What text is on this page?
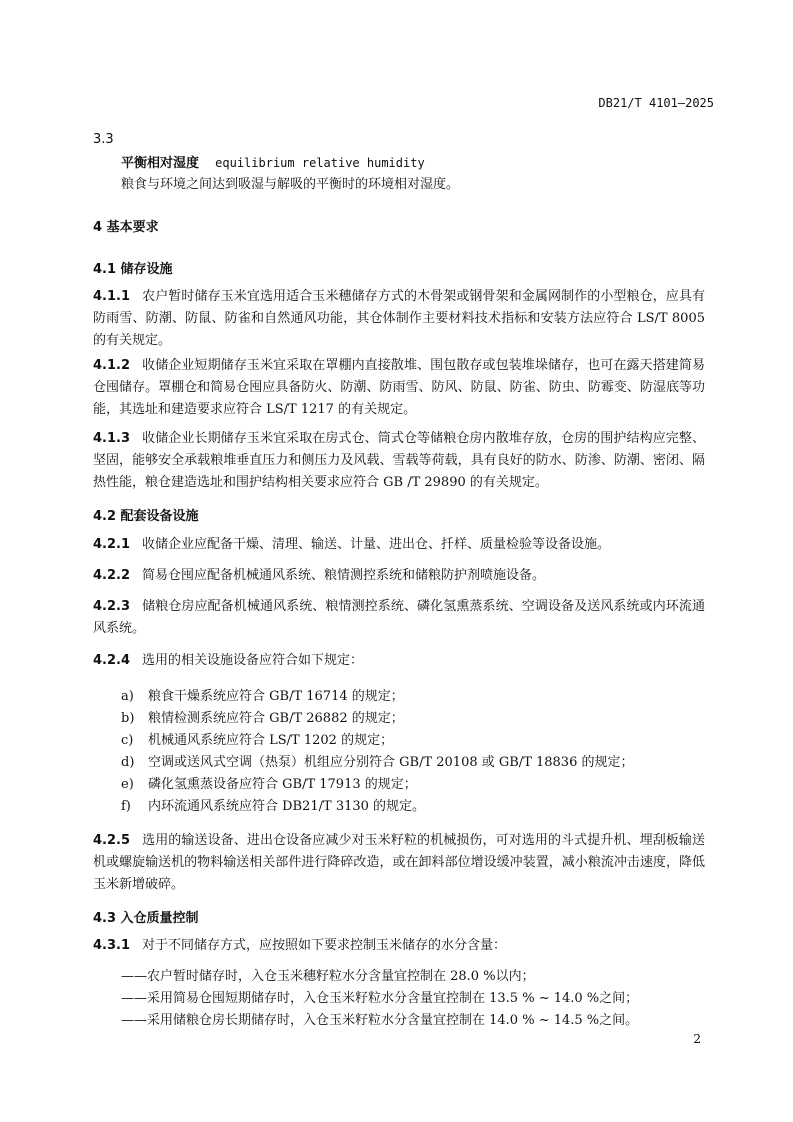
DB21/T 4101—2025
3.3
平衡相对湿度 equilibrium relative humidity
粮食与环境之间达到吸湿与解吸的平衡时的环境相对湿度。
4 基本要求
4.1 储存设施
4.1.1 农户暂时储存玉米宜选用适合玉米穗储存方式的木骨架或钢骨架和金属网制作的小型粮仓，应具有防雨雪、防潮、防鼠、防雀和自然通风功能，其仓体制作主要材料技术指标和安装方法应符合 LS/T 8005 的有关规定。
4.1.2 收储企业短期储存玉米宜采取在罩棚内直接散堆、围包散存或包装堆垛储存，也可在露天搭建简易仓囤储存。罩棚仓和简易仓囤应具备防火、防潮、防雨雪、防风、防鼠、防雀、防虫、防霉变、防湿底等功能，其选址和建造要求应符合 LS/T 1217 的有关规定。
4.1.3 收储企业长期储存玉米宜采取在房式仓、筒式仓等储粮仓房内散堆存放，仓房的围护结构应完整、坚固，能够安全承载粮堆垂直压力和侧压力及风载、雪载等荷载，具有良好的防水、防渗、防潮、密闭、隔热性能，粮仓建造选址和围护结构相关要求应符合 GB /T 29890 的有关规定。
4.2 配套设备设施
4.2.1 收储企业应配备干燥、清理、输送、计量、进出仓、扦样、质量检验等设备设施。
4.2.2 简易仓囤应配备机械通风系统、粮情测控系统和储粮防护剂喷施设备。
4.2.3 储粮仓房应配备机械通风系统、粮情测控系统、磷化氢熏蒸系统、空调设备及送风系统或内环流通风系统。
4.2.4 选用的相关设施设备应符合如下规定：
a) 粮食干燥系统应符合 GB/T 16714 的规定；
b) 粮情检测系统应符合 GB/T 26882 的规定；
c) 机械通风系统应符合 LS/T 1202 的规定；
d) 空调或送风式空调（热泵）机组应分别符合 GB/T 20108 或 GB/T 18836 的规定；
e) 磷化氢熏蒸设备应符合 GB/T 17913 的规定；
f) 内环流通风系统应符合 DB21/T 3130 的规定。
4.2.5 选用的输送设备、进出仓设备应减少对玉米籽粒的机械损伤，可对选用的斗式提升机、埋刮板输送机或螺旋输送机的物料输送相关部件进行降碎改造，或在卸料部位增设缓冲装置，减小粮流冲击速度，降低玉米新增破碎。
4.3 入仓质量控制
4.3.1 对于不同储存方式，应按照如下要求控制玉米储存的水分含量：
——农户暂时储存时，入仓玉米穗籽粒水分含量宜控制在 28.0 %以内；
——采用简易仓囤短期储存时，入仓玉米籽粒水分含量宜控制在 13.5 % ~ 14.0 %之间；
——采用储粮仓房长期储存时，入仓玉米籽粒水分含量宜控制在 14.0 % ~ 14.5 %之间。
2
